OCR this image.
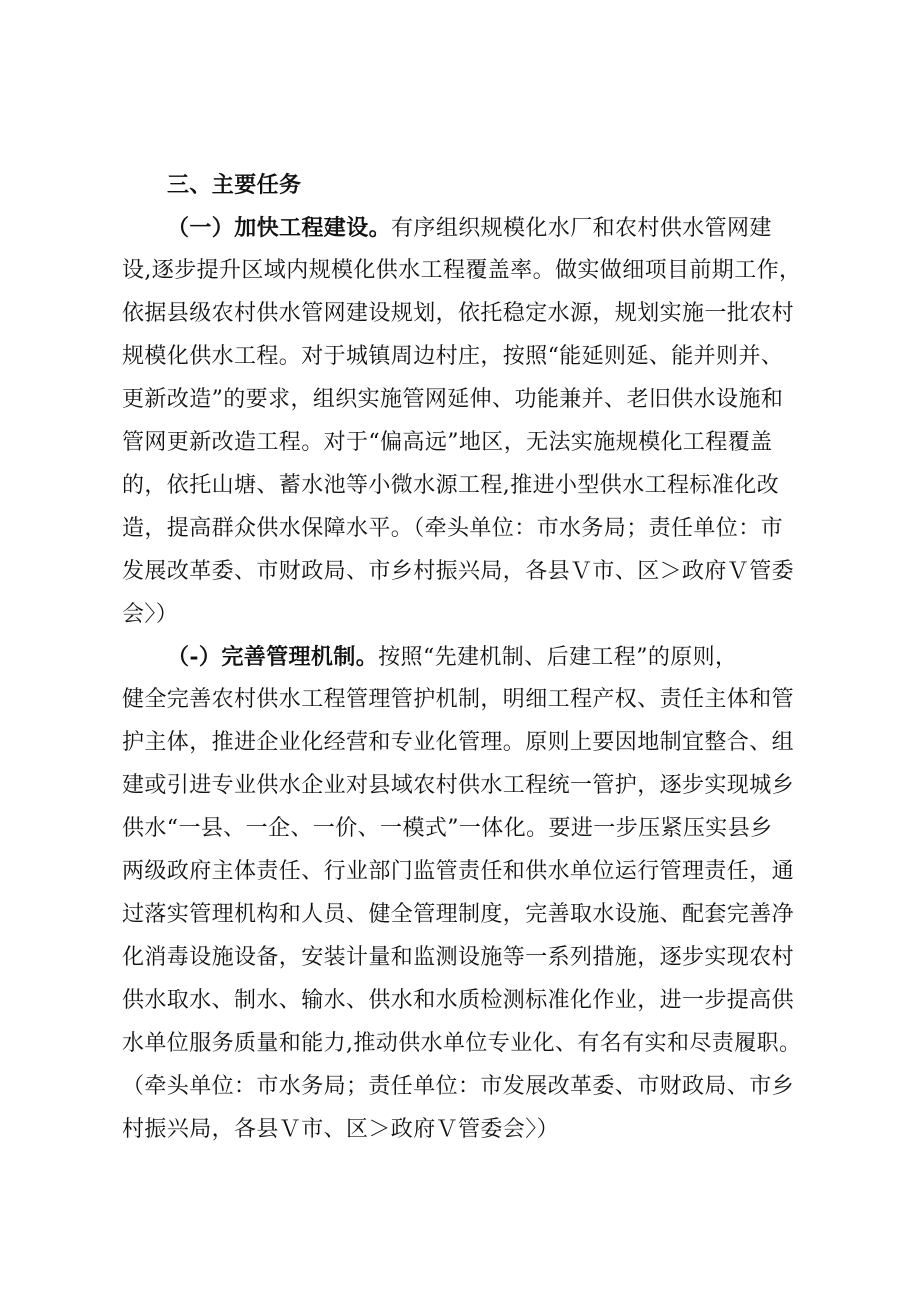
三、主要任务
（一）加快工程建设。有序组织规模化水厂和农村供水管网建
设,逐步提升区域内规模化供水工程覆盖率。做实做细项目前期工作，
依据县级农村供水管网建设规划，依托稳定水源，规划实施一批农村
规模化供水工程。对于城镇周边村庄，按照“能延则延、能并则并、
更新改造”的要求，组织实施管网延伸、功能兼并、老旧供水设施和
管网更新改造工程。对于“偏高远”地区，无法实施规模化工程覆盖
的，依托山塘、蓄水池等小微水源工程,推进小型供水工程标准化改
造，提高群众供水保障水平。（牵头单位：市水务局；责任单位：市
发展改革委、市财政局、市乡村振兴局，各县Ｖ市、区＞政府Ｖ管委
会〉）
（-）完善管理机制。按照“先建机制、后建工程”的原则，
健全完善农村供水工程管理管护机制，明细工程产权、责任主体和管
护主体，推进企业化经营和专业化管理。原则上要因地制宜整合、组
建或引进专业供水企业对县域农村供水工程统一管护，逐步实现城乡
供水“一县、一企、一价、一模式”一体化。要进一步压紧压实县乡
两级政府主体责任、行业部门监管责任和供水单位运行管理责任，通
过落实管理机构和人员、健全管理制度，完善取水设施、配套完善净
化消毒设施设备，安装计量和监测设施等一系列措施，逐步实现农村
供水取水、制水、输水、供水和水质检测标准化作业，进一步提高供
水单位服务质量和能力,推动供水单位专业化、有名有实和尽责履职。
（牵头单位：市水务局；责任单位：市发展改革委、市财政局、市乡
村振兴局，各县Ｖ市、区＞政府Ｖ管委会〉）
